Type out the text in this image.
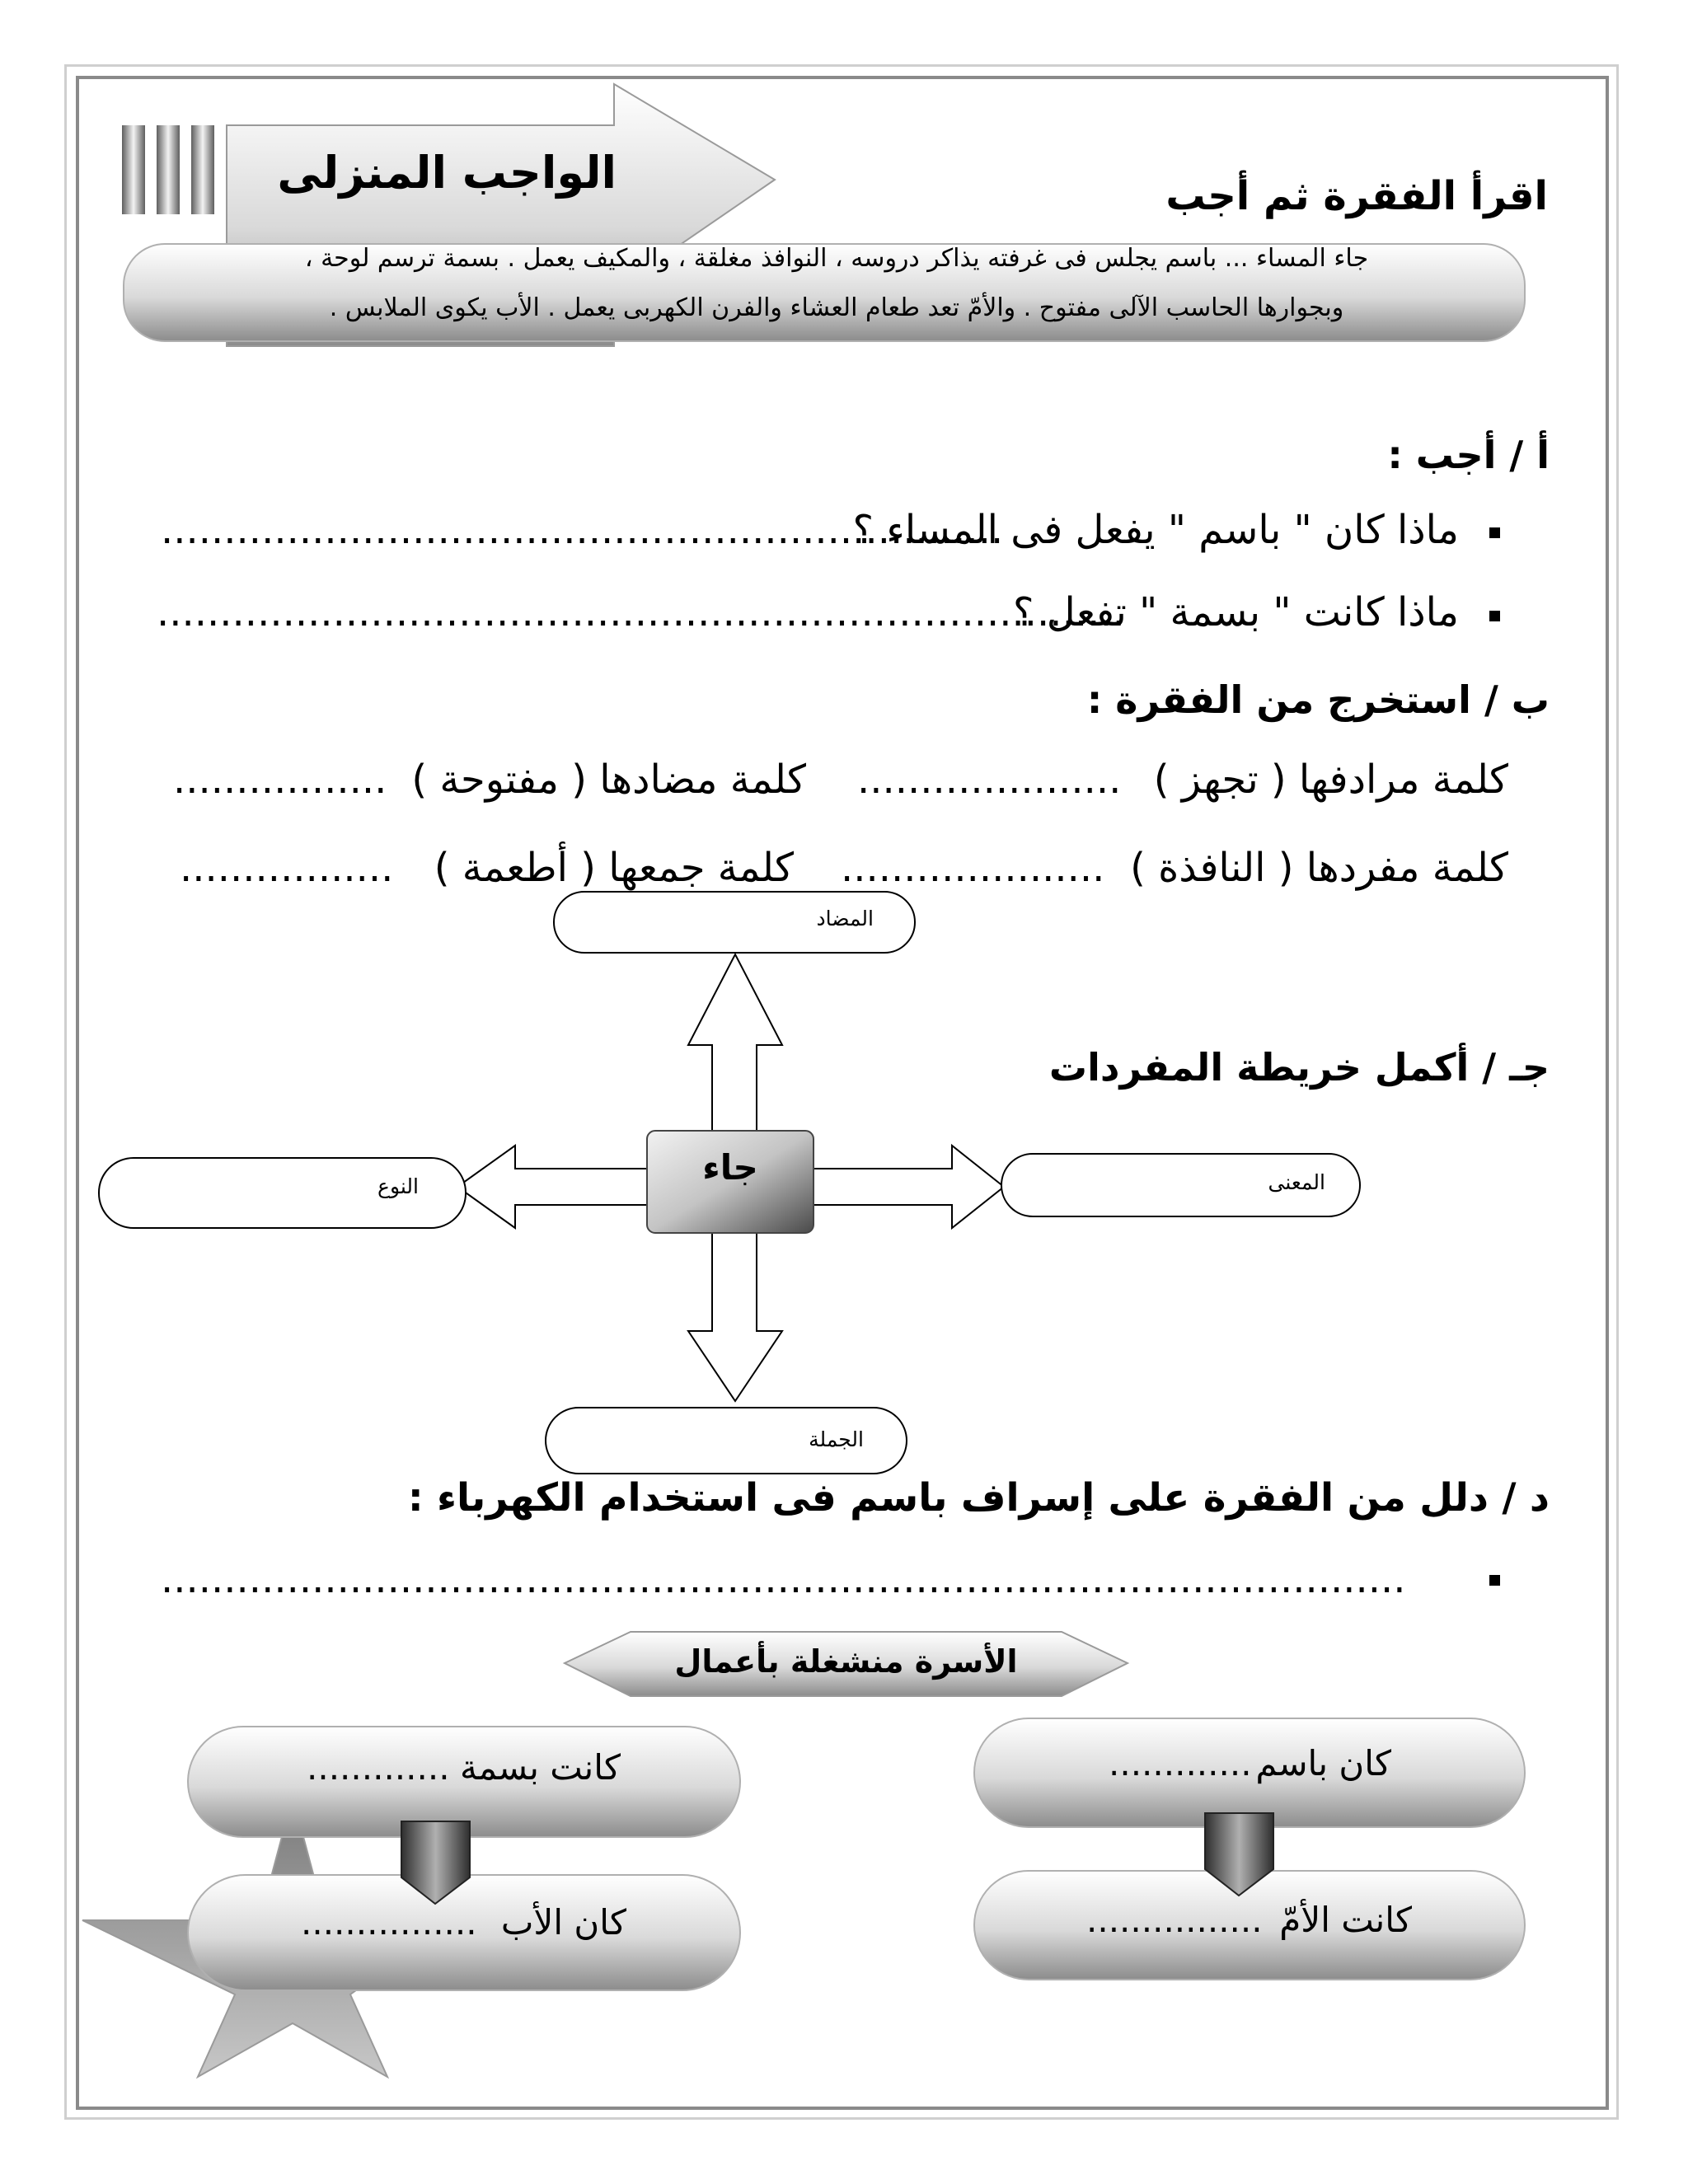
الواجب المنزلى	اقرأ الفقرة ثم أجب
جاء المساء ... باسم يجلس فى غرفته يذاكر دروسه ، النوافذ مغلقة ، والمكيف يعمل . بسمة ترسم لوحة ،
وبجوارها الحاسب الآلى مفتوح . والأمّ تعد طعام العشاء والفرن الكهربى يعمل . الأب يكوى الملابس .
أ / أجب :
ماذا كان " باسم " يفعل فى المساء ؟
...................................................................
ماذا كانت " بسمة " تفعل ؟
.............................................................................
ب / استخرج من الفقرة :
كلمة مرادفها ( تجهز )
.....................
كلمة مضادها ( مفتوحة )
.................
كلمة مفردها ( النافذة )
.....................
كلمة جمعها ( أطعمة )
.................
جـ / أكمل خريطة المفردات
جاء
المضاد
المعنى
النوع
الجملة
د / دلل من الفقرة على إسراف باسم فى استخدام الكهرباء :
...................................................................................................
الأسرة منشغلة بأعمال
كان باسم
.............
كانت بسمة
.............
كانت الأمّ
................
كان الأب
................
